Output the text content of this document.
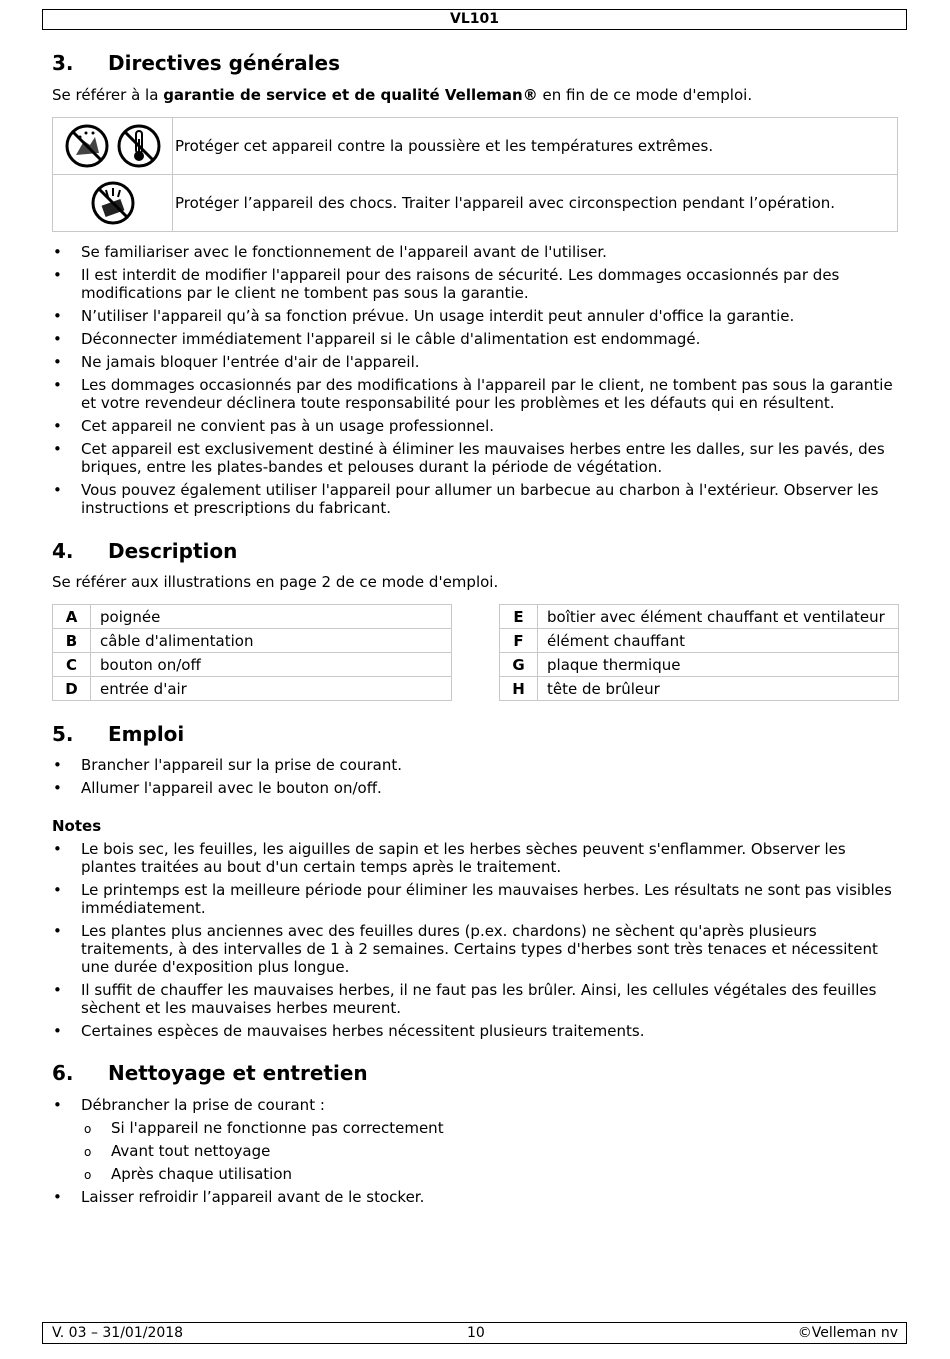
VL101
3. Directives générales
Se référer à la garantie de service et de qualité Velleman® en fin de ce mode d'emploi.
	Protéger cet appareil contre la poussière et les températures extrêmes.

	Protéger l’appareil des chocs. Traiter l'appareil avec circonspection pendant l’opération.
• Se familiariser avec le fonctionnement de l'appareil avant de l'utiliser.
• Il est interdit de modifier l'appareil pour des raisons de sécurité. Les dommages occasionnés par des modifications par le client ne tombent pas sous la garantie.
• N’utiliser l'appareil qu’à sa fonction prévue. Un usage interdit peut annuler d'office la garantie.
• Déconnecter immédiatement l'appareil si le câble d'alimentation est endommagé.
• Ne jamais bloquer l'entrée d'air de l'appareil.
• Les dommages occasionnés par des modifications à l'appareil par le client, ne tombent pas sous la garantie et votre revendeur déclinera toute responsabilité pour les problèmes et les défauts qui en résultent.
• Cet appareil ne convient pas à un usage professionnel.
• Cet appareil est exclusivement destiné à éliminer les mauvaises herbes entre les dalles, sur les pavés, des briques, entre les plates-bandes et pelouses durant la période de végétation.
• Vous pouvez également utiliser l'appareil pour allumer un barbecue au charbon à l'extérieur. Observer les instructions et prescriptions du fabricant.
4. Description
Se référer aux illustrations en page 2 de ce mode d'emploi.
A	poignée
B	câble d'alimentation
C	bouton on/off
D	entrée d'air
E	boîtier avec élément chauffant et ventilateur
F	élément chauffant
G	plaque thermique
H	tête de brûleur
5. Emploi
• Brancher l'appareil sur la prise de courant.
• Allumer l'appareil avec le bouton on/off.
Notes
• Le bois sec, les feuilles, les aiguilles de sapin et les herbes sèches peuvent s'enflammer. Observer les plantes traitées au bout d'un certain temps après le traitement.
• Le printemps est la meilleure période pour éliminer les mauvaises herbes. Les résultats ne sont pas visibles immédiatement.
• Les plantes plus anciennes avec des feuilles dures (p.ex. chardons) ne sèchent qu'après plusieurs traitements, à des intervalles de 1 à 2 semaines. Certains types d'herbes sont très tenaces et nécessitent une durée d'exposition plus longue.
• Il suffit de chauffer les mauvaises herbes, il ne faut pas les brûler. Ainsi, les cellules végétales des feuilles sèchent et les mauvaises herbes meurent.
• Certaines espèces de mauvaises herbes nécessitent plusieurs traitements.
6. Nettoyage et entretien
• Débrancher la prise de courant :
o Si l'appareil ne fonctionne pas correctement
o Avant tout nettoyage
o Après chaque utilisation
• Laisser refroidir l’appareil avant de le stocker.
V. 03 – 31/01/2018	10	©Velleman nv
